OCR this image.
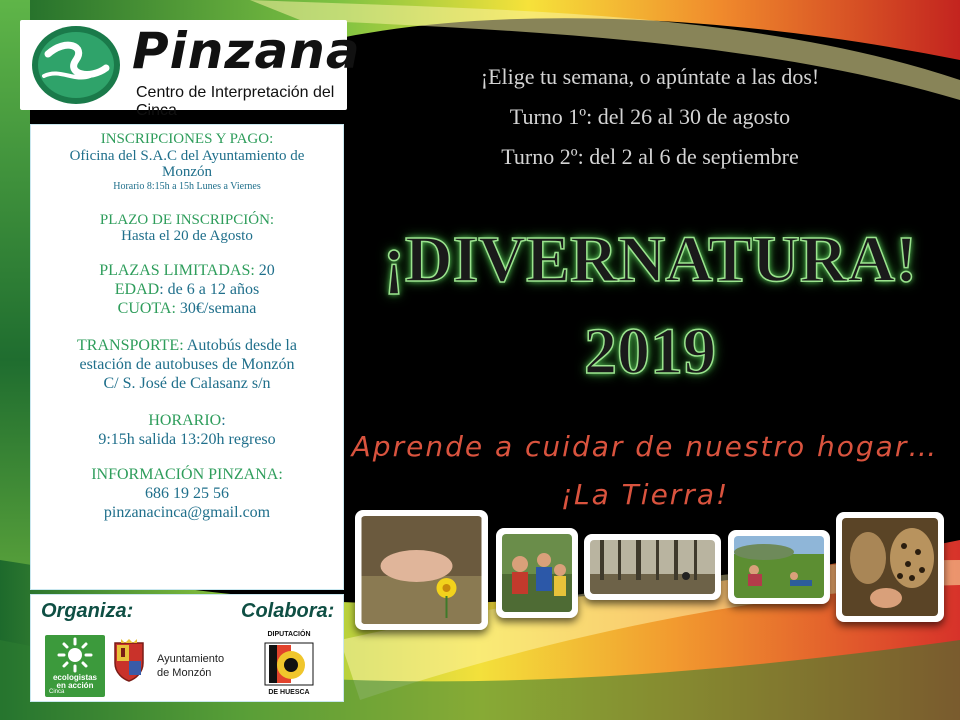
Pinzana
Centro de Interpretación del Cinca
INSCRIPCIONES Y PAGO:
Oficina del S.A.C del Ayuntamiento de
Monzón
Horario 8:15h a 15h Lunes a Viernes
PLAZO DE INSCRIPCIÓN:
Hasta el 20 de Agosto
PLAZAS LIMITADAS: 20
EDAD: de 6 a 12 años
CUOTA: 30€/semana
TRANSPORTE: Autobús desde la
estación de autobuses de Monzón
C/ S. José de Calasanz s/n
HORARIO:
9:15h salida 13:20h regreso
INFORMACIÓN PINZANA:
686 19 25 56
pinzanacinca@gmail.com
Organiza:	Colabora:
ecologistas
en acción
Cinca
Ayuntamiento
de Monzón
DIPUTACIÓN
DE HUESCA
¡Elige tu semana, o apúntate a las dos!
Turno 1º: del 26 al 30 de agosto
Turno 2º: del 2 al 6 de septiembre
¡DIVERNATURA!
2019
Aprende a cuidar de nuestro hogar…
¡La Tierra!
